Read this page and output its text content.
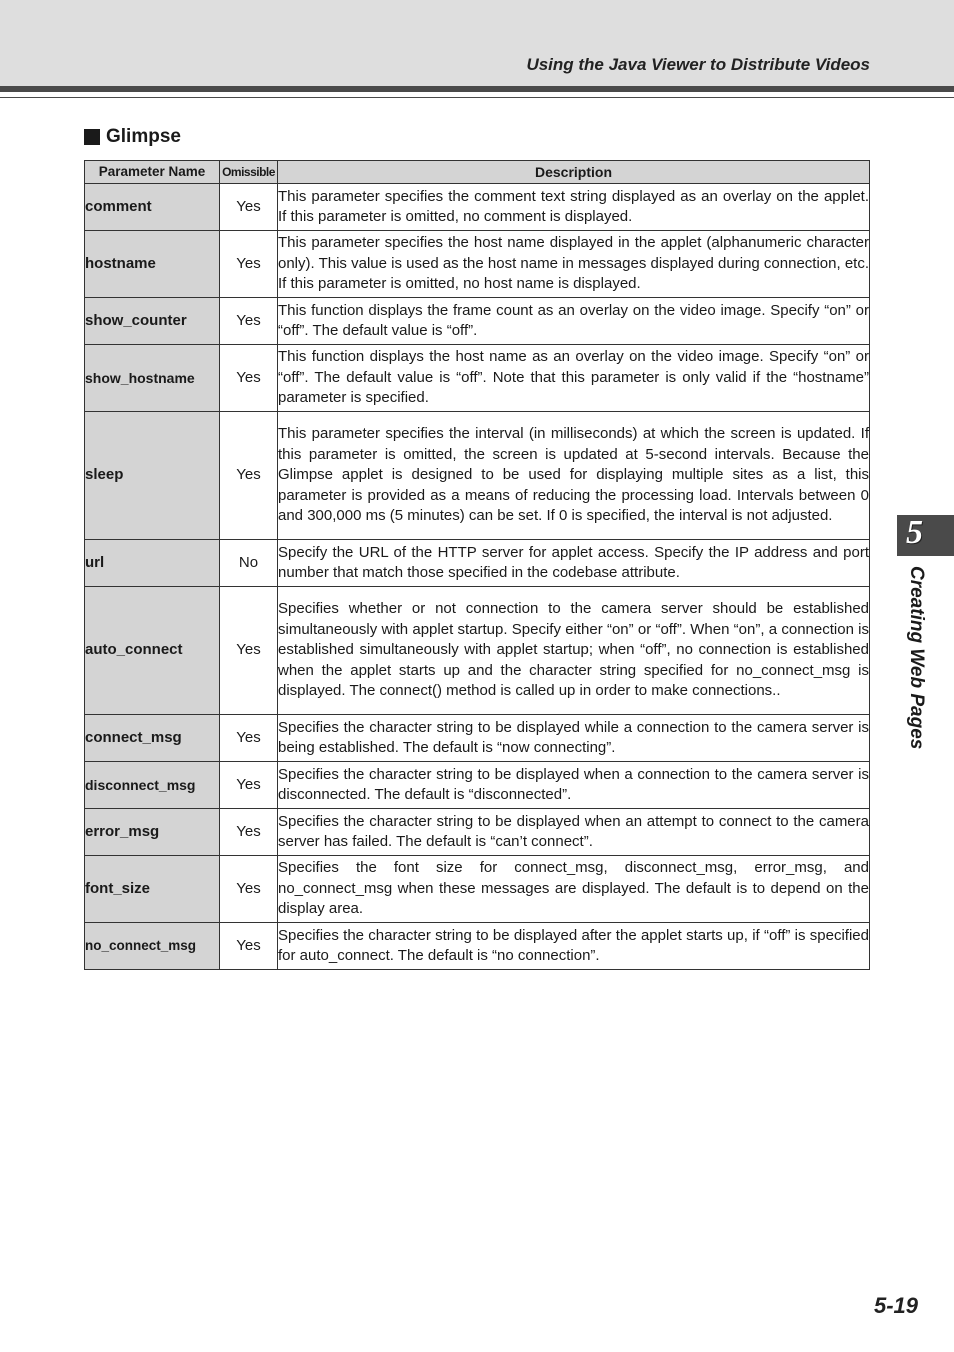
Using the Java Viewer to Distribute Videos
Glimpse
Parameter Name	Omissible	Description
comment	Yes	This parameter specifies the comment text string displayed as an overlay on the applet. If this parameter is omitted, no comment is displayed.
hostname	Yes	This parameter specifies the host name displayed in the applet (alphanumeric character only). This value is used as the host name in messages displayed during connection, etc. If this parameter is omitted, no host name is displayed.
show_counter	Yes	This function displays the frame count as an overlay on the video image. Specify “on” or “off”. The default value is “off”.
show_hostname	Yes	This function displays the host name as an overlay on the video image. Specify “on” or “off”. The default value is “off”. Note that this parameter is only valid if the “hostname” parameter is specified.
sleep	Yes	This parameter specifies the interval (in milliseconds) at which the screen is updated. If this parameter is omitted, the screen is updated at 5-second intervals. Because the Glimpse applet is designed to be used for displaying multiple sites as a list, this parameter is provided as a means of reducing the processing load. Intervals between 0 and 300,000 ms (5 minutes) can be set. If 0 is specified, the interval is not adjusted.
url	No	Specify the URL of the HTTP server for applet access. Specify the IP address and port number that match those specified in the codebase attribute.
auto_connect	Yes	Specifies whether or not connection to the camera server should be established simultaneously with applet startup. Specify either “on” or “off”. When “on”, a connection is established simultaneously with applet startup; when “off”, no connection is established when the applet starts up and the character string specified for no_connect_msg is displayed. The connect() method is called up in order to make connections..
connect_msg	Yes	Specifies the character string to be displayed while a connection to the camera server is being established. The default is “now connecting”.
disconnect_msg	Yes	Specifies the character string to be displayed when a connection to the camera server is disconnected. The default is “disconnected”.
error_msg	Yes	Specifies the character string to be displayed when an attempt to connect to the camera server has failed. The default is “can’t connect”.
font_size	Yes	Specifies the font size for connect_msg, disconnect_msg, error_msg, and no_connect_msg when these messages are displayed. The default is to depend on the display area.
no_connect_msg	Yes	Specifies the character string to be displayed after the applet starts up, if “off” is specified for auto_connect. The default is “no connection”.
5
Creating Web Pages
5-19
